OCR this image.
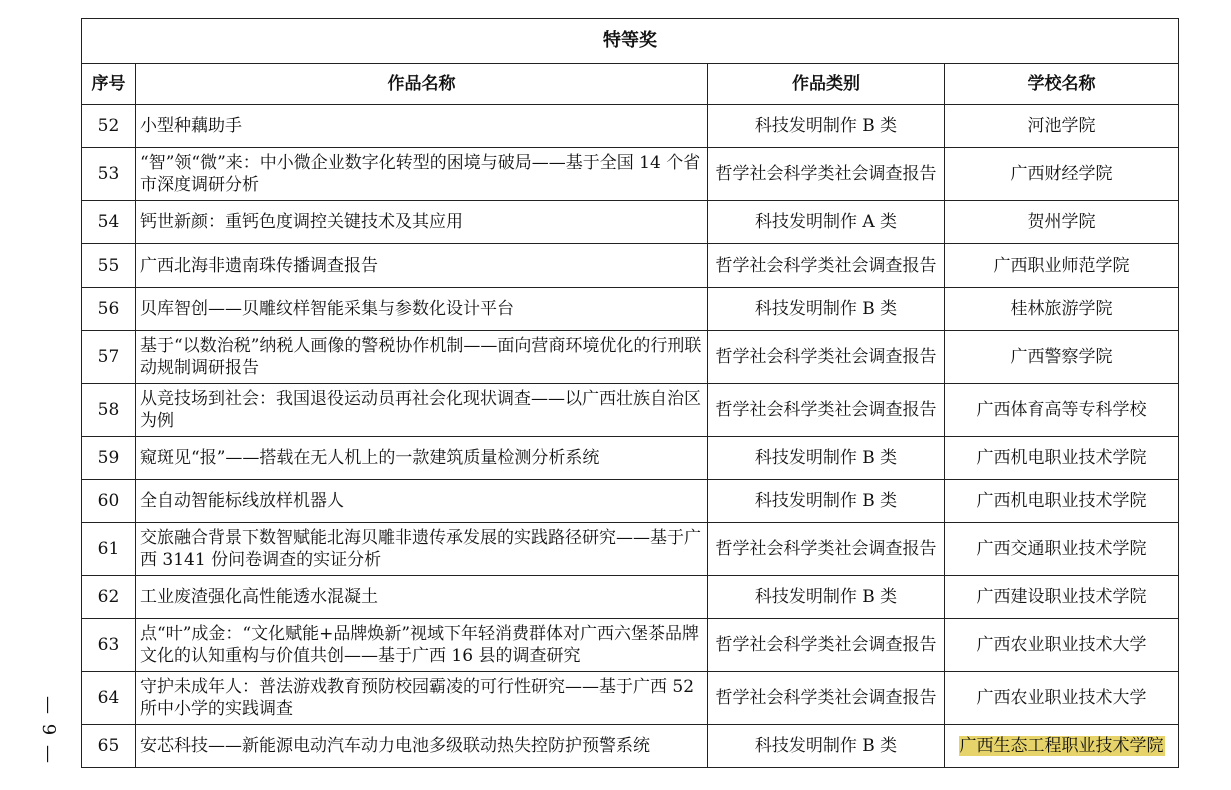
— 9 —
特等奖			
序号	作品名称	作品类别	学校名称
52	小型种藕助手	科技发明制作 B 类	河池学院
53	“智”领“微”来：中小微企业数字化转型的困境与破局——基于全国 14 个省市深度调研分析	哲学社会科学类社会调查报告	广西财经学院
54	钙世新颜：重钙色度调控关键技术及其应用	科技发明制作 A 类	贺州学院
55	广西北海非遗南珠传播调查报告	哲学社会科学类社会调查报告	广西职业师范学院
56	贝库智创——贝雕纹样智能采集与参数化设计平台	科技发明制作 B 类	桂林旅游学院
57	基于“以数治税”纳税人画像的警税协作机制——面向营商环境优化的行刑联动规制调研报告	哲学社会科学类社会调查报告	广西警察学院
58	从竞技场到社会：我国退役运动员再社会化现状调查——以广西壮族自治区为例	哲学社会科学类社会调查报告	广西体育高等专科学校
59	窥斑见“报”——搭载在无人机上的一款建筑质量检测分析系统	科技发明制作 B 类	广西机电职业技术学院
60	全自动智能标线放样机器人	科技发明制作 B 类	广西机电职业技术学院
61	交旅融合背景下数智赋能北海贝雕非遗传承发展的实践路径研究——基于广西 3141 份问卷调查的实证分析	哲学社会科学类社会调查报告	广西交通职业技术学院
62	工业废渣强化高性能透水混凝土	科技发明制作 B 类	广西建设职业技术学院
63	点“叶”成金：“文化赋能+品牌焕新”视域下年轻消费群体对广西六堡茶品牌文化的认知重构与价值共创——基于广西 16 县的调查研究	哲学社会科学类社会调查报告	广西农业职业技术大学
64	守护未成年人：普法游戏教育预防校园霸凌的可行性研究——基于广西 52 所中小学的实践调查	哲学社会科学类社会调查报告	广西农业职业技术大学
65	安芯科技——新能源电动汽车动力电池多级联动热失控防护预警系统	科技发明制作 B 类	广西生态工程职业技术学院
